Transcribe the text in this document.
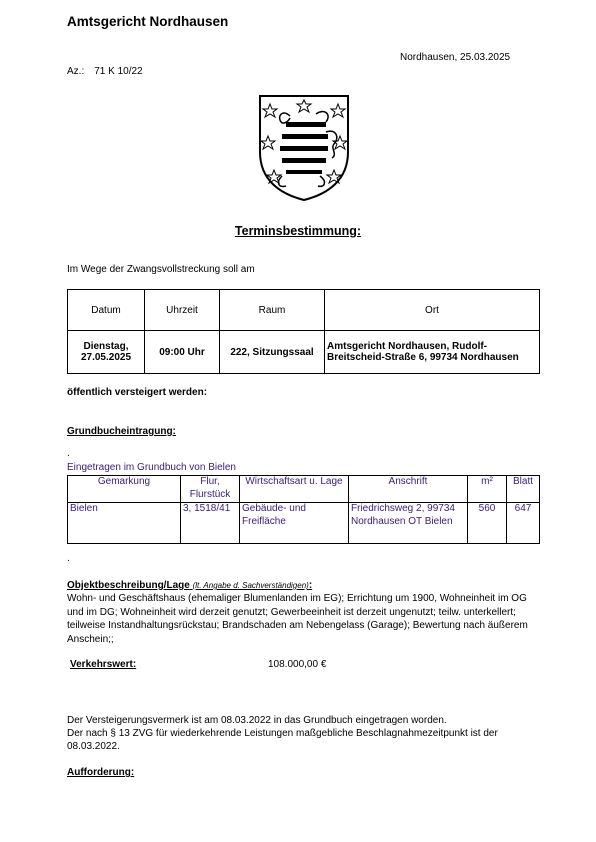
Amtsgericht Nordhausen
Nordhausen, 25.03.2025
Az.: 71 K 10/22
Terminsbestimmung:
Im Wege der Zwangsvollstreckung soll am
Datum	Uhrzeit	Raum	Ort
Dienstag,
27.05.2025	09:00 Uhr	222, Sitzungssaal	Amtsgericht Nordhausen, Rudolf-Breitscheid-Straße 6, 99734 Nordhausen
öffentlich versteigert werden:
Grundbucheintragung:
.
Eingetragen im Grundbuch von Bielen
Gemarkung	Flur, Flurstück	Wirtschaftsart u. Lage	Anschrift	m²	Blatt
Bielen	3, 1518/41	Gebäude- und Freifläche	Friedrichsweg 2, 99734 Nordhausen OT Bielen	560	647
.
Objektbeschreibung/Lage (lt. Angabe d. Sachverständigen):
Wohn- und Geschäftshaus (ehemaliger Blumenlanden im EG); Errichtung um 1900, Wohneinheit im OG und im DG; Wohneinheit wird derzeit genutzt; Gewerbeeinheit ist derzeit ungenutzt; teilw. unterkellert; teilweise Instandhaltungsrückstau; Brandschaden am Nebengelass (Garage); Bewertung nach äußerem Anschein;;
Verkehrswert:	108.000,00 €
Der Versteigerungsvermerk ist am 08.03.2022 in das Grundbuch eingetragen worden.
Der nach § 13 ZVG für wiederkehrende Leistungen maßgebliche Beschlagnahmezeitpunkt ist der 08.03.2022.
Aufforderung:
